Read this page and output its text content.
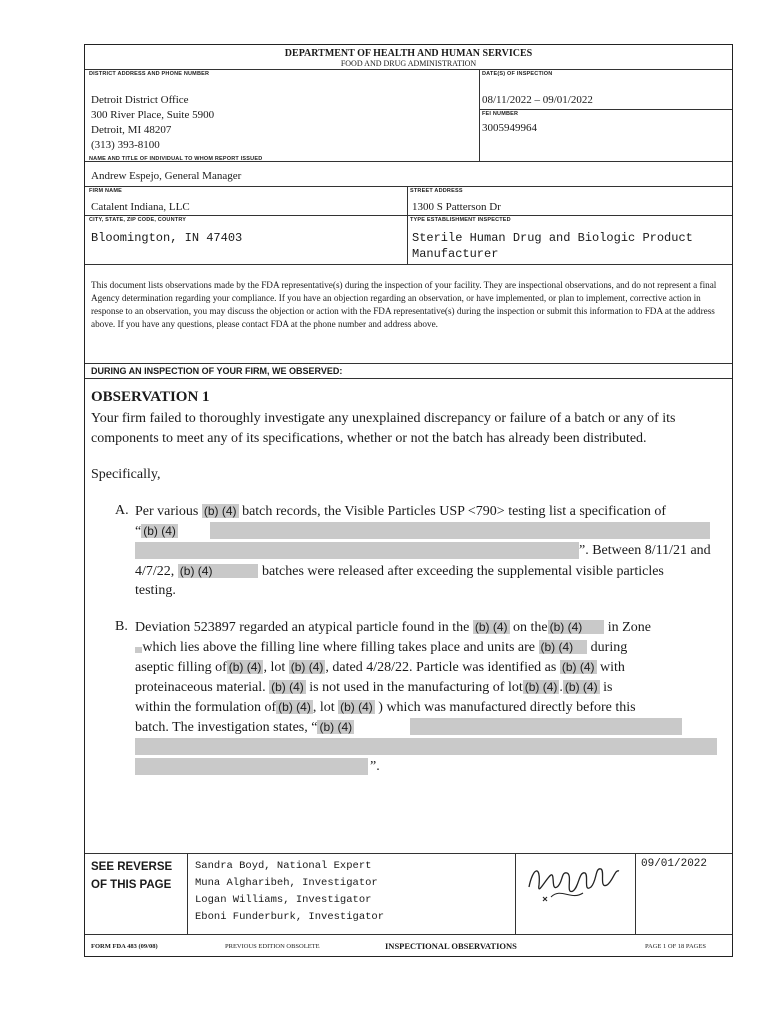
DEPARTMENT OF HEALTH AND HUMAN SERVICES
FOOD AND DRUG ADMINISTRATION
DISTRICT ADDRESS AND PHONE NUMBER
Detroit District Office
300 River Place, Suite 5900
Detroit, MI 48207
(313) 393-8100
DATE(S) OF INSPECTION
08/11/2022 – 09/01/2022
FEI NUMBER
3005949964
NAME AND TITLE OF INDIVIDUAL TO WHOM REPORT ISSUED
Andrew Espejo, General Manager
FIRM NAME
Catalent Indiana, LLC
STREET ADDRESS
1300 S Patterson Dr
CITY, STATE, ZIP CODE, COUNTRY
Bloomington, IN 47403
TYPE ESTABLISHMENT INSPECTED
Sterile Human Drug and Biologic Product
Manufacturer
This document lists observations made by the FDA representative(s) during the inspection of your facility. They are inspectional observations, and do not represent a final Agency determination regarding your compliance. If you have an objection regarding an observation, or have implemented, or plan to implement, corrective action in response to an observation, you may discuss the objection or action with the FDA representative(s) during the inspection or submit this information to FDA at the address above. If you have any questions, please contact FDA at the phone number and address above.
DURING AN INSPECTION OF YOUR FIRM, WE OBSERVED:
OBSERVATION 1
Your firm failed to thoroughly investigate any unexplained discrepancy or failure of a batch or any of its components to meet any of its specifications, whether or not the batch has already been distributed.
Specifically,
A. Per various (b) (4) batch records, the Visible Particles USP <790> testing list a specification of
“ (b) (4)
”. Between 8/11/21 and
4/7/22, (b) (4)	batches were released after exceeding the supplemental visible particles
testing.
B. Deviation 523897 regarded an atypical particle found in the (b) (4) on the (b) (4) in Zone
which lies above the filling line where filling takes place and units are (b) (4) during
aseptic filling of (b) (4) , lot (b) (4) , dated 4/28/22. Particle was identified as (b) (4) with
proteinaceous material. (b) (4) is not used in the manufacturing of lot (b) (4) . (b) (4) is
within the formulation of (b) (4) , lot (b) (4) ) which was manufactured directly before this
batch. The investigation states, “ (b) (4)
”.
SEE REVERSE
OF THIS PAGE
Sandra Boyd, National Expert
Muna Algharibeh, Investigator
Logan Williams, Investigator
Eboni Funderburk, Investigator
09/01/2022
FORM FDA 483 (09/08)	PREVIOUS EDITION OBSOLETE	INSPECTIONAL OBSERVATIONS	PAGE 1 OF 18 PAGES
